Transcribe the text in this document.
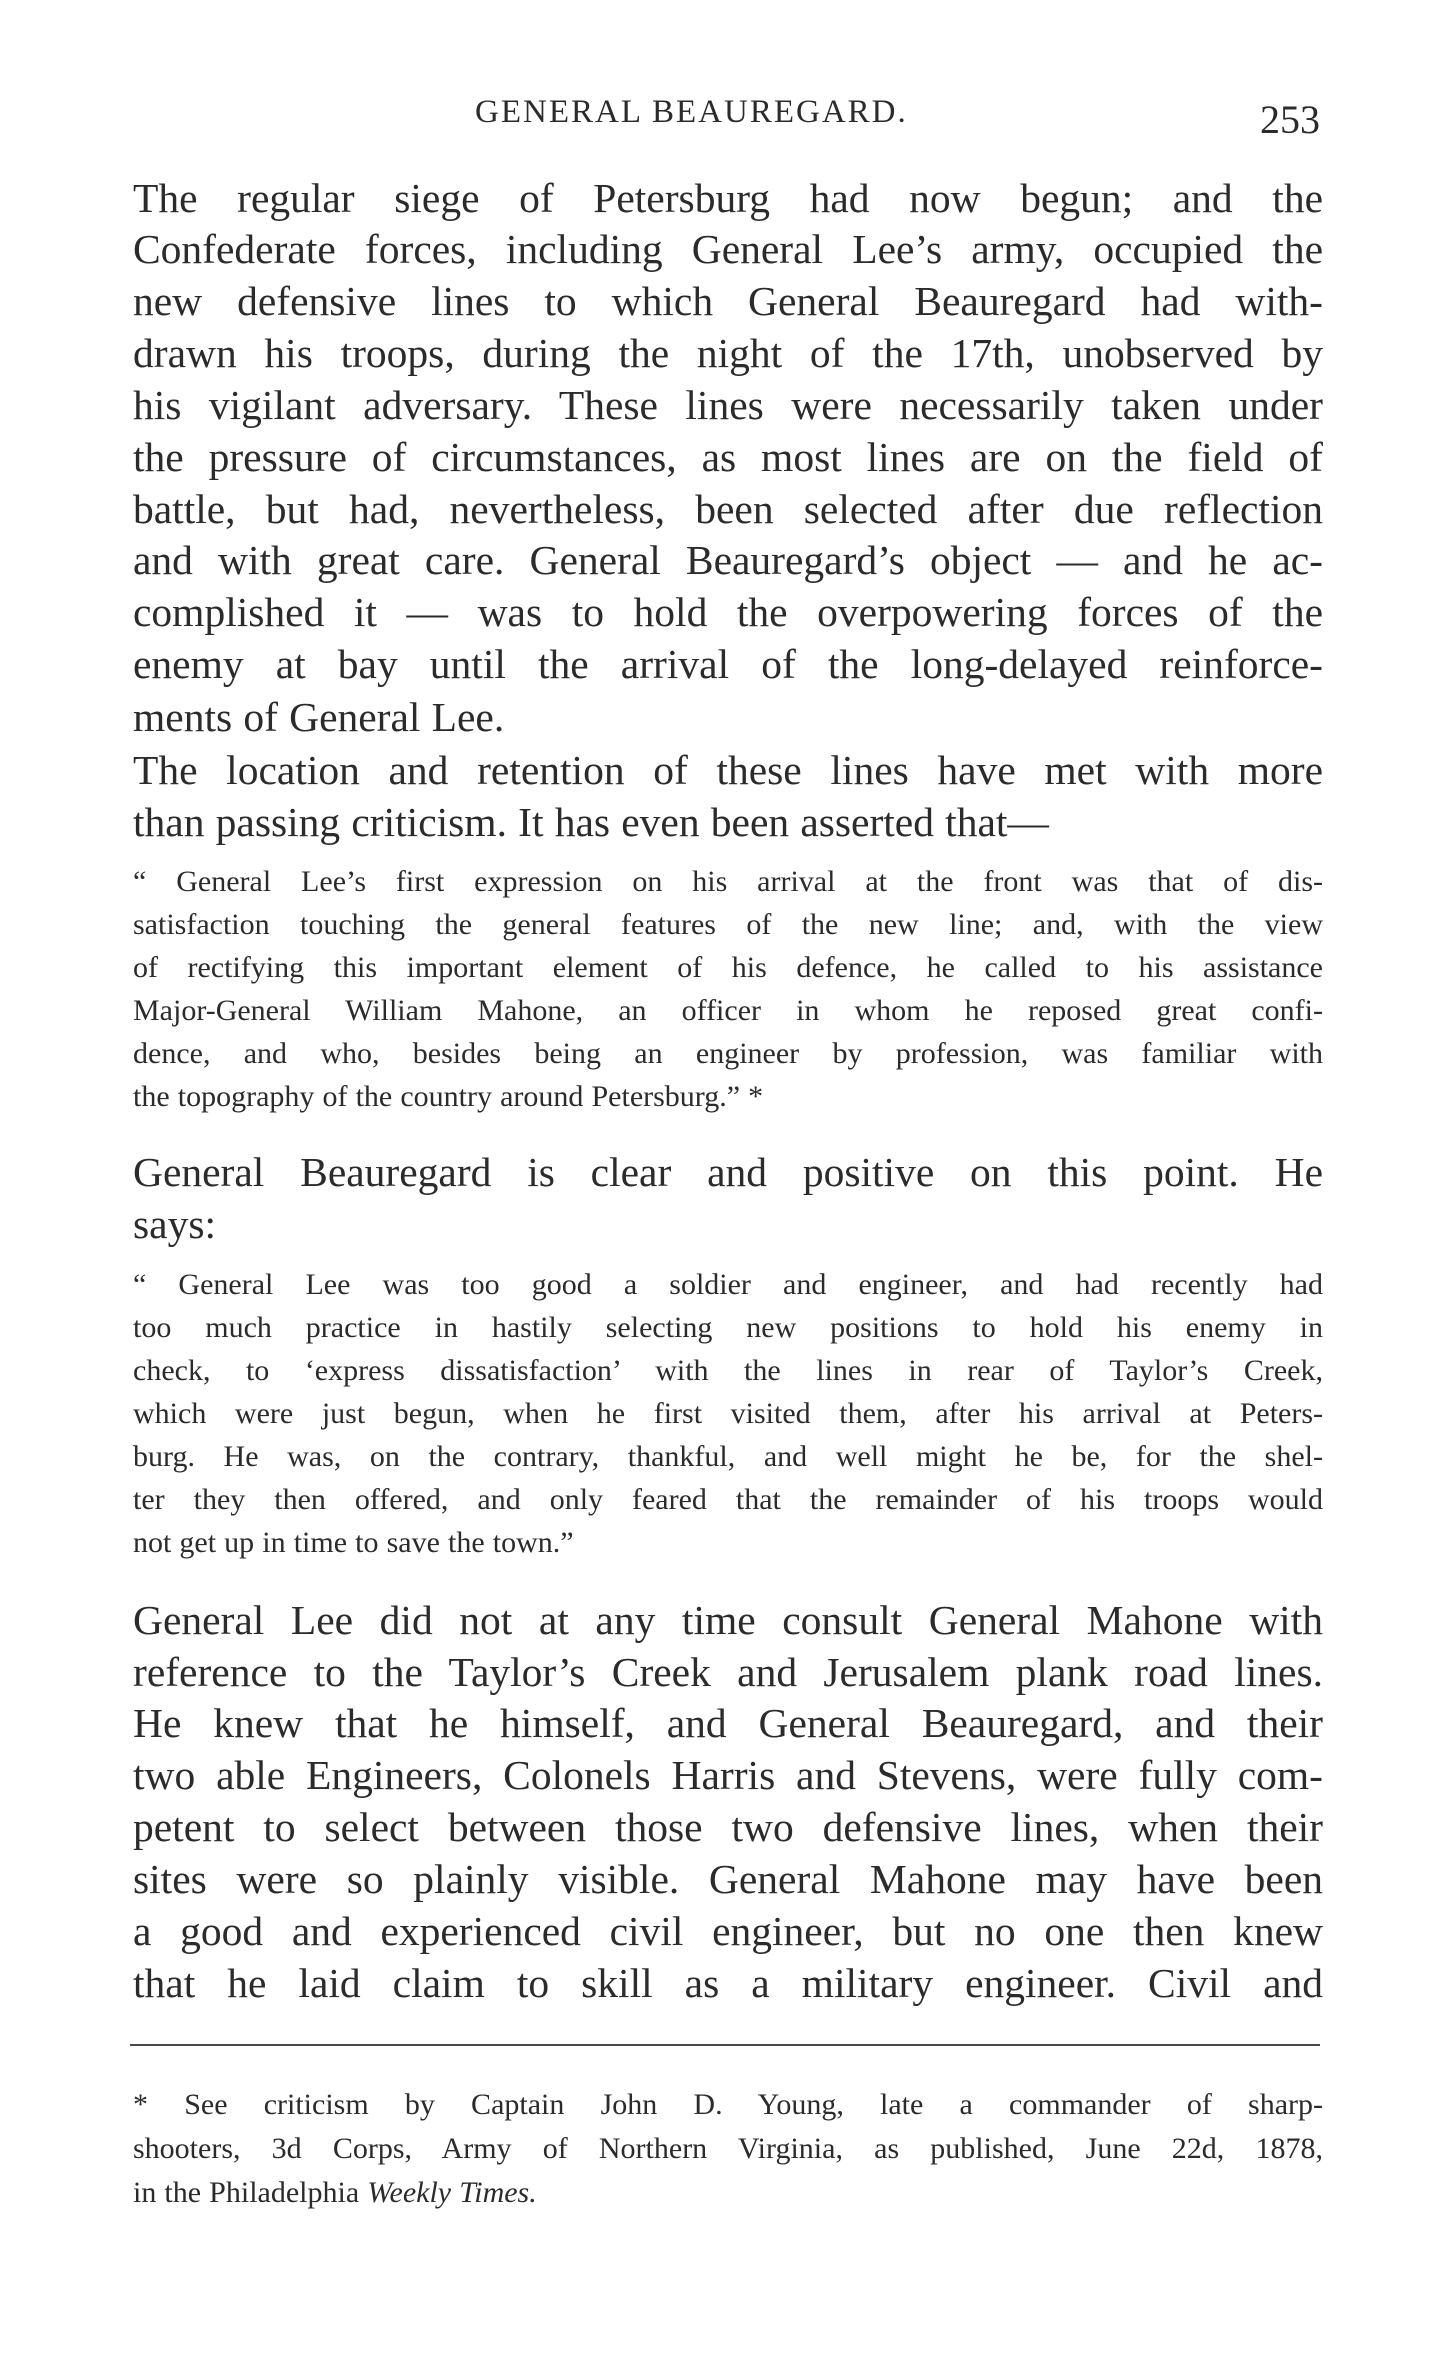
GENERAL BEAUREGARD.	253
The regular siege of Petersburg had now begun; and the
Confederate forces, including General Lee’s army, occupied the
new defensive lines to which General Beauregard had with-
drawn his troops, during the night of the 17th, unobserved by
his vigilant adversary. These lines were necessarily taken under
the pressure of circumstances, as most lines are on the field of
battle, but had, nevertheless, been selected after due reflection
and with great care. General Beauregard’s object — and he ac-
complished it — was to hold the overpowering forces of the
enemy at bay until the arrival of the long-delayed reinforce-
ments of General Lee.
The location and retention of these lines have met with more
than passing criticism. It has even been asserted that—
“ General Lee’s first expression on his arrival at the front was that of dis-
satisfaction touching the general features of the new line; and, with the view
of rectifying this important element of his defence, he called to his assistance
Major-General William Mahone, an officer in whom he reposed great confi-
dence, and who, besides being an engineer by profession, was familiar with
the topography of the country around Petersburg.” *
General Beauregard is clear and positive on this point. He
says:
“ General Lee was too good a soldier and engineer, and had recently had
too much practice in hastily selecting new positions to hold his enemy in
check, to ‘express dissatisfaction’ with the lines in rear of Taylor’s Creek,
which were just begun, when he first visited them, after his arrival at Peters-
burg. He was, on the contrary, thankful, and well might he be, for the shel-
ter they then offered, and only feared that the remainder of his troops would
not get up in time to save the town.”
General Lee did not at any time consult General Mahone with
reference to the Taylor’s Creek and Jerusalem plank road lines.
He knew that he himself, and General Beauregard, and their
two able Engineers, Colonels Harris and Stevens, were fully com-
petent to select between those two defensive lines, when their
sites were so plainly visible. General Mahone may have been
a good and experienced civil engineer, but no one then knew
that he laid claim to skill as a military engineer. Civil and
* See criticism by Captain John D. Young, late a commander of sharp-
shooters, 3d Corps, Army of Northern Virginia, as published, June 22d, 1878,
in the Philadelphia Weekly Times.
